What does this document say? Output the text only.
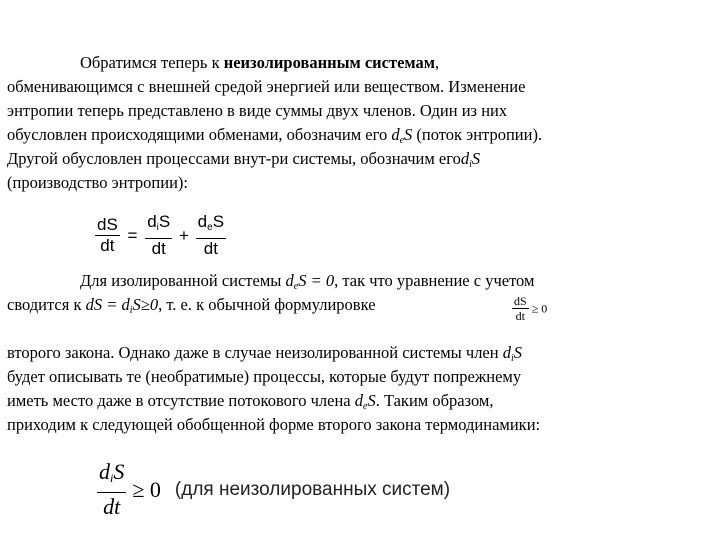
Обратимся теперь к неизолированным системам,
обменивающимся с внешней средой энергией или веществом. Изменение
энтропии теперь представлено в виде суммы двух членов. Один из них
обусловлен происходящими обменами, обозначим его $d_eS$ (поток энтропии).
Другой обусловлен процессами внут-ри системы, обозначим егоd$_i$S
(производство энтропии):
$\frac{dS}{dt} = \frac{d_iS}{dt} + \frac{d_eS}{dt}$
Для изолированной системы $d_eS = 0$, так что уравнение с учетом
сводится к dS = $d_iS\ge 0$, т. е. к обычной формулировке	$\frac{dS}{dt} \ge 0$
второго закона. Однако даже в случае неизолированной системы член $d_iS$
будет описывать те (необратимые) процессы, которые будут попрежнему
иметь место даже в отсутствие потокового члена $d_eS$. Таким образом,
приходим к следующей обобщенной форме второго закона термодинамики:
$\frac{d_iS}{dt} \ge 0$ (для неизолированных систем)
